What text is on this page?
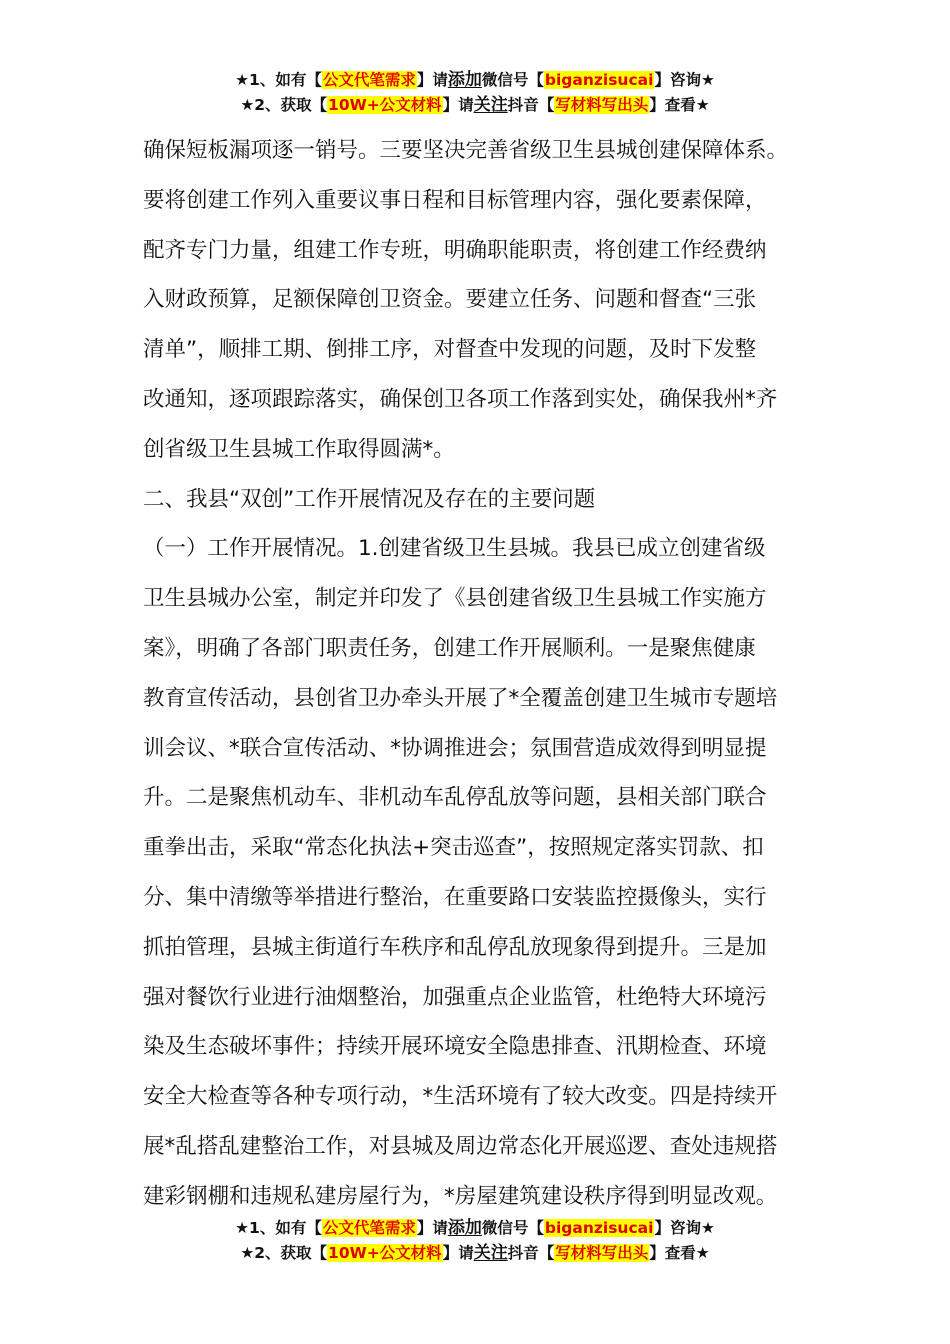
★1、如有【公文代笔需求】请添加微信号【biganzisucai】咨询★
★2、获取【10W+公文材料】请关注抖音【写材料写出头】查看★
确保短板漏项逐一销号。三要坚决完善省级卫生县城创建保障体系。
要将创建工作列入重要议事日程和目标管理内容，强化要素保障，
配齐专门力量，组建工作专班，明确职能职责，将创建工作经费纳
入财政预算，足额保障创卫资金。要建立任务、问题和督查“三张
清单”，顺排工期、倒排工序，对督查中发现的问题，及时下发整
改通知，逐项跟踪落实，确保创卫各项工作落到实处，确保我州*齐
创省级卫生县城工作取得圆满*。
二、我县“双创”工作开展情况及存在的主要问题
（一）工作开展情况。1.创建省级卫生县城。我县已成立创建省级
卫生县城办公室，制定并印发了《县创建省级卫生县城工作实施方
案》，明确了各部门职责任务，创建工作开展顺利。一是聚焦健康
教育宣传活动，县创省卫办牵头开展了*全覆盖创建卫生城市专题培
训会议、*联合宣传活动、*协调推进会；氛围营造成效得到明显提
升。二是聚焦机动车、非机动车乱停乱放等问题，县相关部门联合
重拳出击，采取“常态化执法+突击巡查”，按照规定落实罚款、扣
分、集中清缴等举措进行整治，在重要路口安装监控摄像头，实行
抓拍管理，县城主街道行车秩序和乱停乱放现象得到提升。三是加
强对餐饮行业进行油烟整治，加强重点企业监管，杜绝特大环境污
染及生态破坏事件；持续开展环境安全隐患排查、汛期检查、环境
安全大检查等各种专项行动，*生活环境有了较大改变。四是持续开
展*乱搭乱建整治工作，对县城及周边常态化开展巡逻、查处违规搭
建彩钢棚和违规私建房屋行为，*房屋建筑建设秩序得到明显改观。
★1、如有【公文代笔需求】请添加微信号【biganzisucai】咨询★
★2、获取【10W+公文材料】请关注抖音【写材料写出头】查看★
